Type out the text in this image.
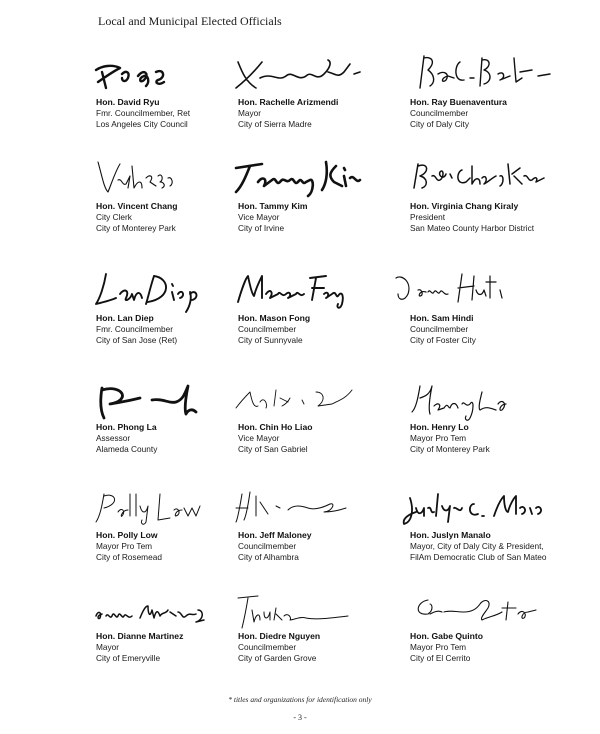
Local and Municipal Elected Officials
Hon. David Ryu
Fmr. Councilmember, Ret
Los Angeles City Council
Hon. Rachelle Arizmendi
Mayor
City of Sierra Madre
Hon. Ray Buenaventura
Councilmember
City of Daly City
Hon. Vincent Chang
City Clerk
City of Monterey Park
Hon. Tammy Kim
Vice Mayor
City of Irvine
Hon. Virginia Chang Kiraly
President
San Mateo County Harbor District
Hon. Lan Diep
Fmr. Councilmember
City of San Jose (Ret)
Hon. Mason Fong
Councilmember
City of Sunnyvale
Hon. Sam Hindi
Councilmember
City of Foster City
Hon. Phong La
Assessor
Alameda County
Hon. Chin Ho Liao
Vice Mayor
City of San Gabriel
Hon. Henry Lo
Mayor Pro Tem
City of Monterey Park
Hon. Polly Low
Mayor Pro Tem
City of Rosemead
Hon. Jeff Maloney
Councilmember
City of Alhambra
Hon. Juslyn Manalo
Mayor, City of Daly City & President,
FilAm Democratic Club of San Mateo
Hon. Dianne Martinez
Mayor
City of Emeryville
Hon. Diedre Nguyen
Councilmember
City of Garden Grove
Hon. Gabe Quinto
Mayor Pro Tem
City of El Cerrito
* titles and organizations for identification only
- 3 -
